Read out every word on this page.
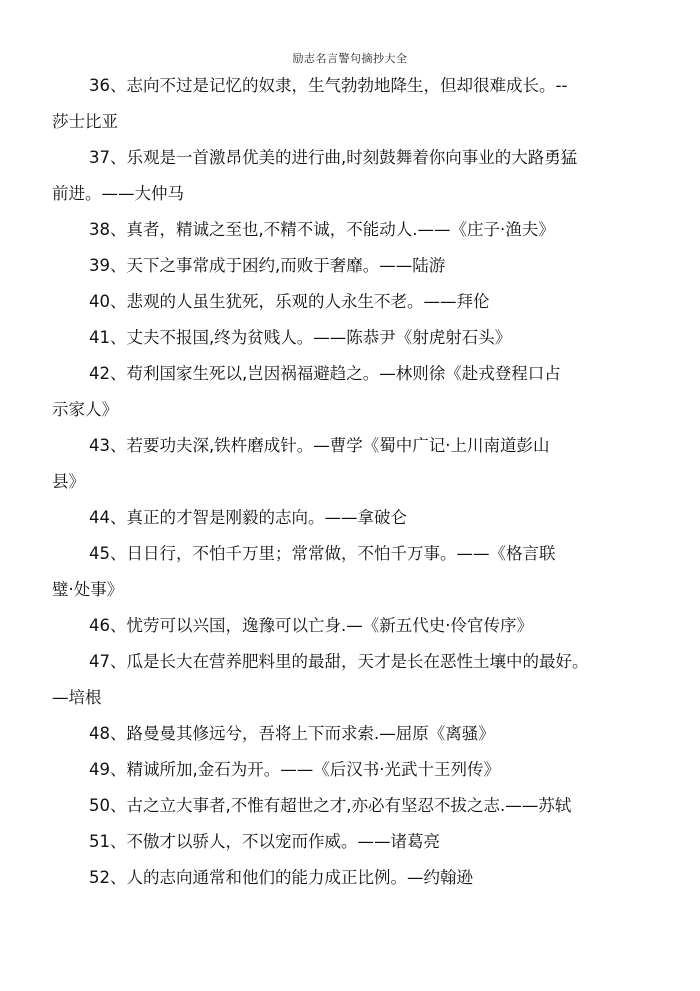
励志名言警句摘抄大全

36、志向不过是记忆的奴隶，生气勃勃地降生，但却很难成长。--

莎士比亚

37、乐观是一首激昂优美的进行曲,时刻鼓舞着你向事业的大路勇猛

前进。——大仲马

38、真者，精诚之至也,不精不诚，不能动人.——《庄子·渔夫》

39、天下之事常成于困约,而败于奢靡。——陆游

40、悲观的人虽生犹死，乐观的人永生不老。——拜伦

41、丈夫不报国,终为贫贱人。——陈恭尹《射虎射石头》

42、苟利国家生死以,岂因祸福避趋之。—林则徐《赴戎登程口占

示家人》

43、若要功夫深,铁杵磨成针。—曹学《蜀中广记·上川南道彭山

县》

44、真正的才智是刚毅的志向。——拿破仑

45、日日行，不怕千万里；常常做，不怕千万事。——《格言联

璧·处事》

46、忧劳可以兴国，逸豫可以亡身.—《新五代史·伶官传序》

47、瓜是长大在营养肥料里的最甜，天才是长在恶性土壤中的最好。

—培根

48、路曼曼其修远兮，吾将上下而求索.—屈原《离骚》

49、精诚所加,金石为开。——《后汉书·光武十王列传》

50、古之立大事者,不惟有超世之才,亦必有坚忍不拔之志.——苏轼

51、不傲才以骄人，不以宠而作威。——诸葛亮

52、人的志向通常和他们的能力成正比例。—约翰逊
